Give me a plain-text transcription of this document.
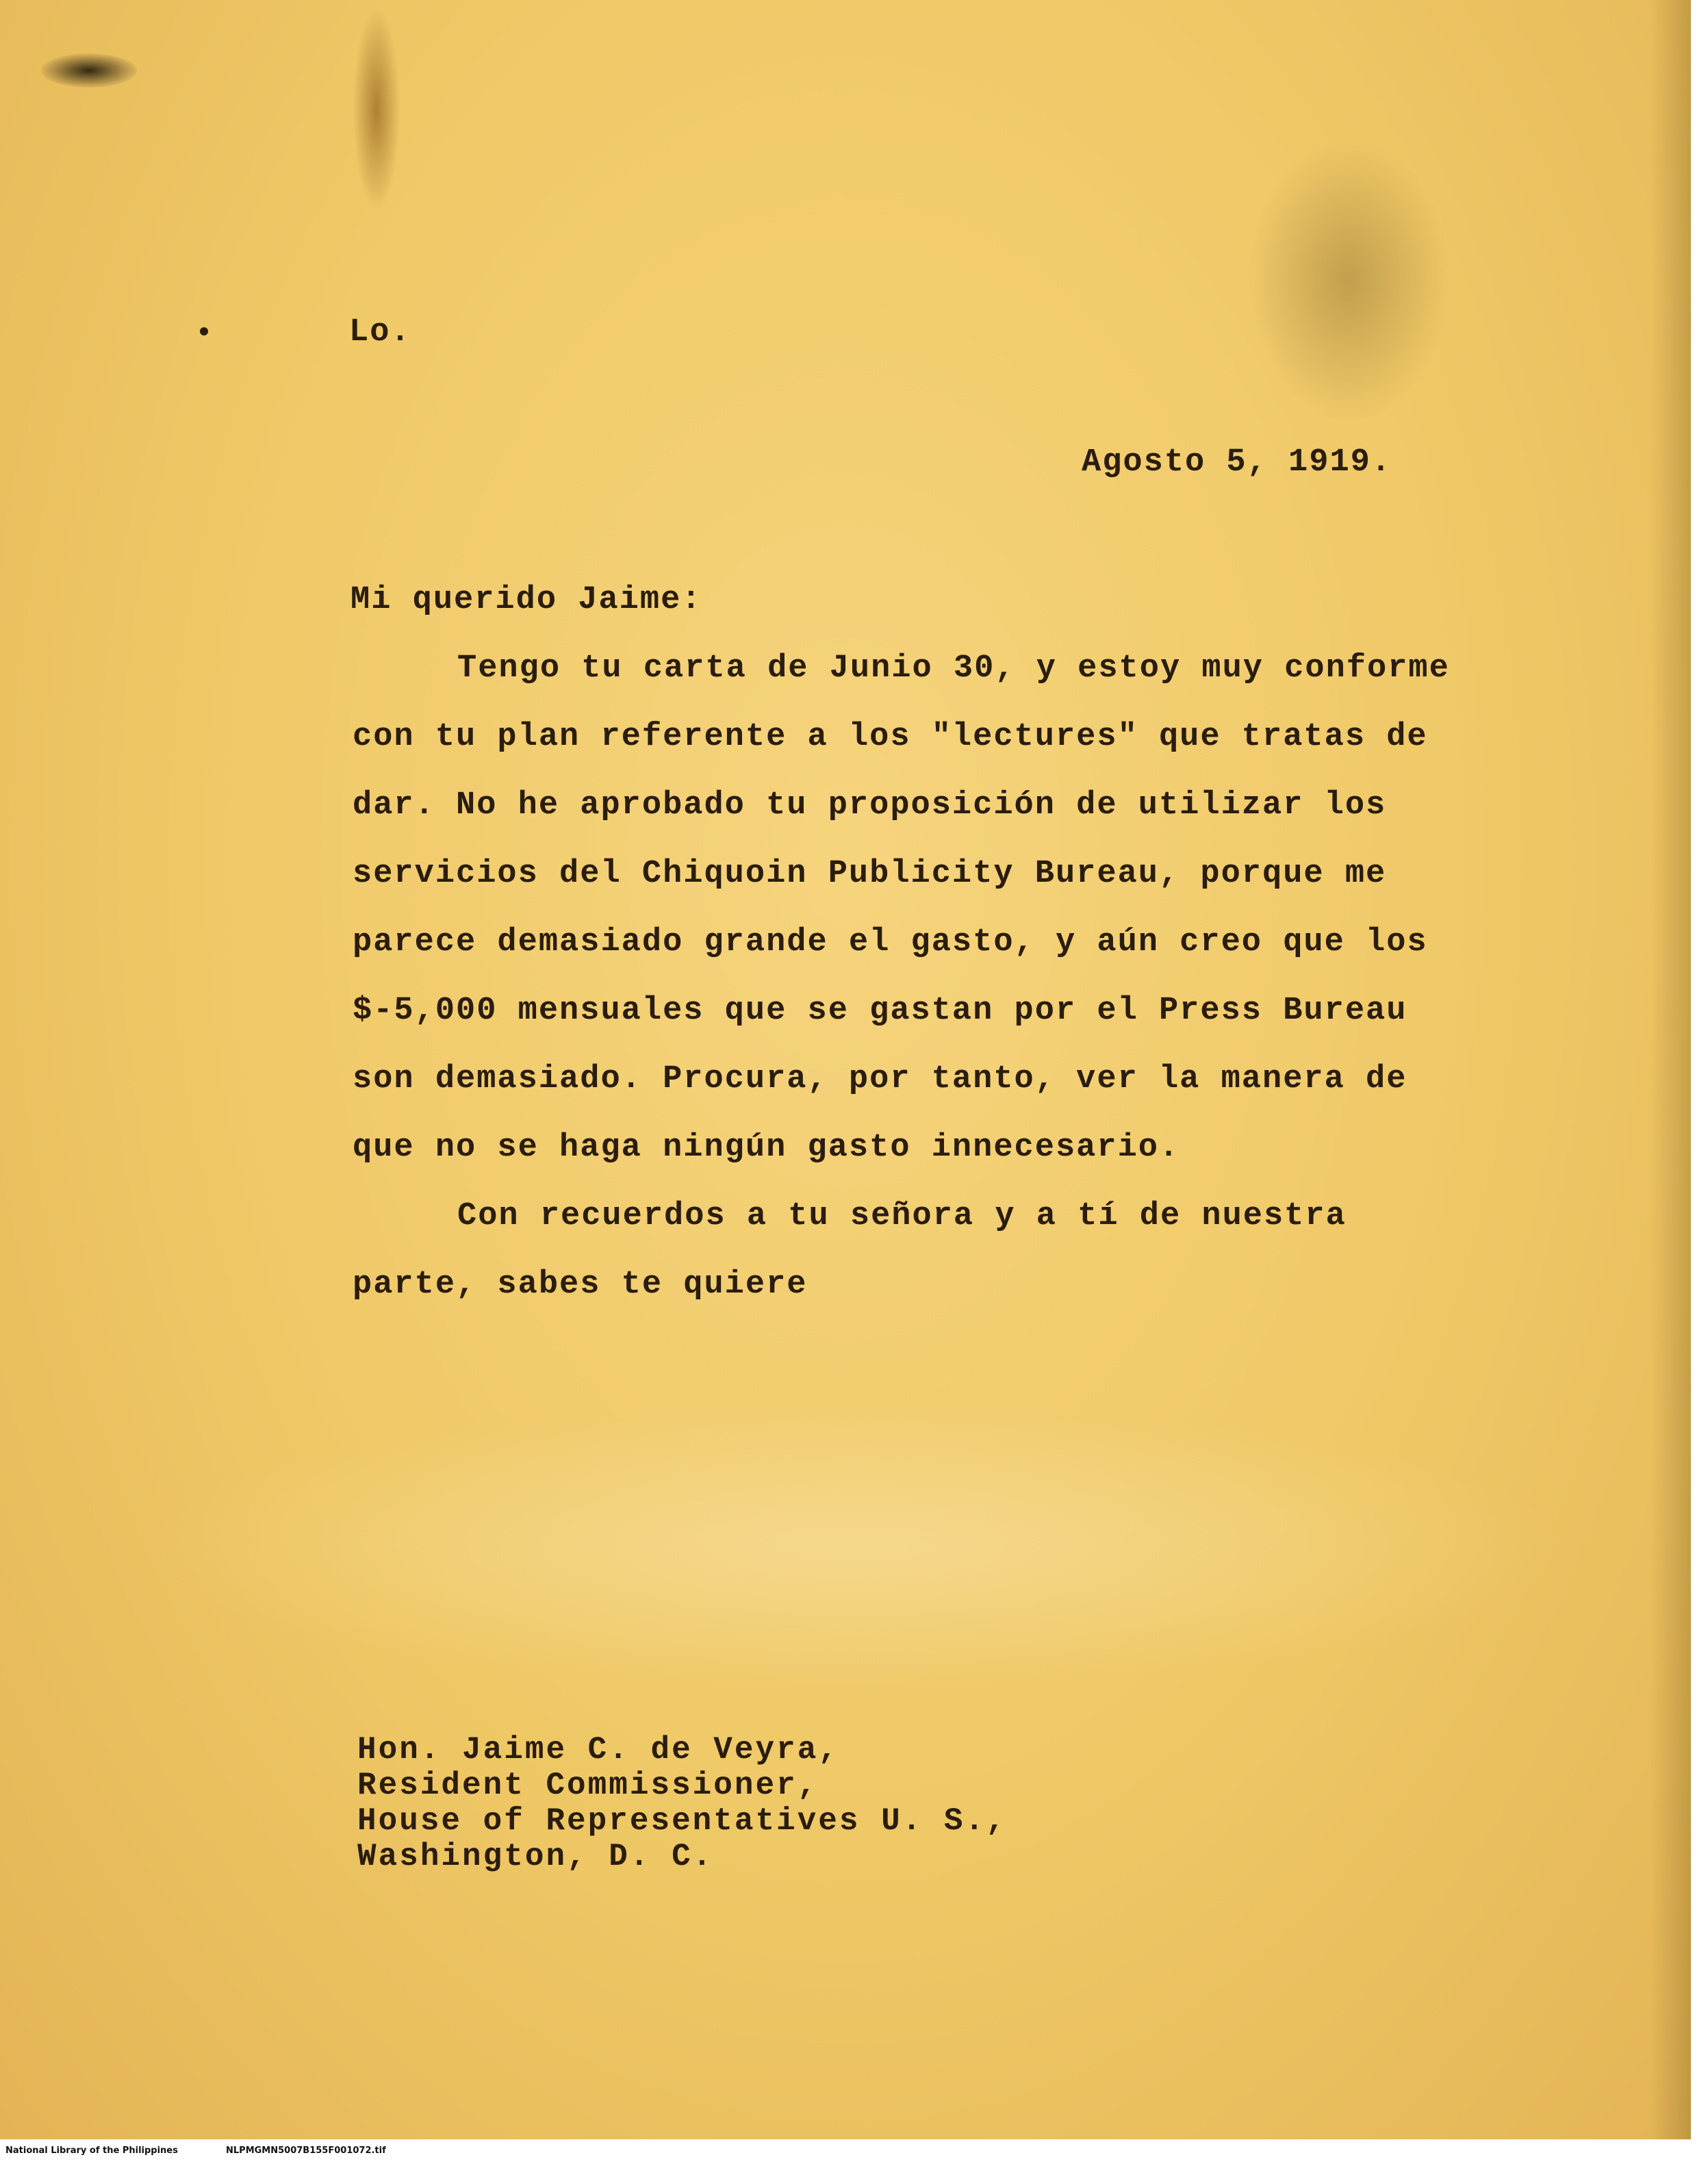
Lo.

Agosto 5, 1919.

Mi querido Jaime:

Tengo tu carta de Junio 30, y estoy muy conforme

con tu plan referente a los "lectures" que tratas de

dar. No he aprobado tu proposición de utilizar los

servicios del Chiquoin Publicity Bureau, porque me

parece demasiado grande el gasto, y aún creo que los

$-5,000 mensuales que se gastan por el Press Bureau

son demasiado. Procura, por tanto, ver la manera de

que no se haga ningún gasto innecesario.

Con recuerdos a tu señora y a tí de nuestra

parte, sabes te quiere

Hon. Jaime C. de Veyra,

Resident Commissioner,

House of Representatives U. S.,

Washington, D. C.

National Library of the Philippines	NLPMGMN5007B155F001072.tif
